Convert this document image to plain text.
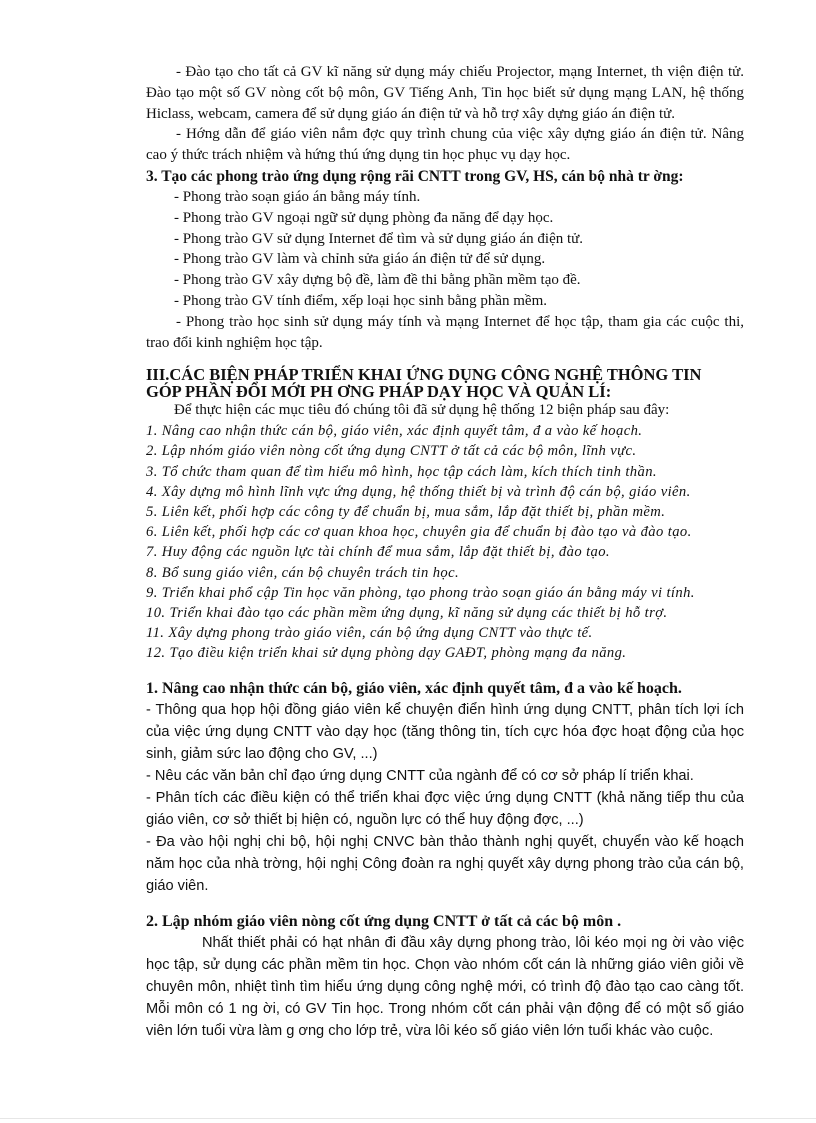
- Đào tạo cho tất cả GV kĩ năng sử dụng máy chiếu Projector, mạng Internet, th viện điện tử. Đào tạo một số GV nòng cốt bộ môn, GV Tiếng Anh, Tin học biết sử dụng mạng LAN, hệ thống Hiclass, webcam, camera để sử dụng giáo án điện tử và hỗ trợ xây dựng giáo án điện tử.

- Hớng dẫn để giáo viên nắm đợc quy trình chung của việc xây dựng giáo án điện tử. Nâng cao ý thức trách nhiệm và hứng thú ứng dụng tin học phục vụ dạy học.

3. Tạo các phong trào ứng dụng rộng rãi CNTT trong GV, HS, cán bộ nhà tr ờng:

- Phong trào soạn giáo án bằng máy tính.

- Phong trào GV ngoại ngữ sử dụng phòng đa năng để dạy học.

- Phong trào GV sử dụng Internet để tìm và sử dụng giáo án điện tử.

- Phong trào GV làm và chỉnh sửa giáo án điện tử để sử dụng.

- Phong trào GV xây dựng bộ đề, làm đề thi bằng phần mềm tạo đề.

- Phong trào GV tính điểm, xếp loại học sinh bằng phần mềm.

- Phong trào học sinh sử dụng máy tính và mạng Internet để học tập, tham gia các cuộc thi, trao đổi kinh nghiệm học tập.

III.CÁC BIỆN PHÁP TRIỂN KHAI ỨNG DỤNG CÔNG NGHỆ THÔNG TIN
GÓP PHẦN ĐỔI MỚI PH ƠNG PHÁP DẠY HỌC VÀ QUẢN LÍ:

Để thực hiện các mục tiêu đó chúng tôi đã sử dụng hệ thống 12 biện pháp sau đây:

1. Nâng cao nhận thức cán bộ, giáo viên, xác định quyết tâm, đ a vào kế hoạch.

2. Lập nhóm giáo viên nòng cốt ứng dụng CNTT ở tất cả các bộ môn, lĩnh vực.

3. Tổ chức tham quan để tìm hiểu mô hình, học tập cách làm, kích thích tinh thần.

4. Xây dựng mô hình lĩnh vực ứng dụng, hệ thống thiết bị và trình độ cán bộ, giáo viên.

5. Liên kết, phối hợp các công ty để chuẩn bị, mua sắm, lắp đặt thiết bị, phần mềm.

6. Liên kết, phối hợp các cơ quan khoa học, chuyên gia để chuẩn bị đào tạo và đào tạo.

7. Huy động các nguồn lực tài chính để mua sắm, lắp đặt thiết bị, đào tạo.

8. Bổ sung giáo viên, cán bộ chuyên trách tin học.

9. Triển khai phổ cập Tin học văn phòng, tạo phong trào soạn giáo án bằng máy vi tính.

10. Triển khai đào tạo các phần mềm ứng dụng, kĩ năng sử dụng các thiết bị hỗ trợ.

11. Xây dựng phong trào giáo viên, cán bộ ứng dụng CNTT vào thực tế.

12. Tạo điều kiện triển khai sử dụng phòng dạy GAĐT, phòng mạng đa năng.

1. Nâng cao nhận thức cán bộ, giáo viên, xác định quyết tâm, đ a vào kế hoạch.

- Thông qua họp hội đồng giáo viên kể chuyện điển hình ứng dụng CNTT, phân tích lợi ích của việc ứng dụng CNTT vào dạy học (tăng thông tin, tích cực hóa đợc hoạt động của học sinh, giảm sức lao động cho GV, ...)

- Nêu các văn bản chỉ đạo ứng dụng CNTT của ngành để có cơ sở pháp lí triển khai.

- Phân tích các điều kiện có thể triển khai đợc việc ứng dụng CNTT (khả năng tiếp thu của giáo viên, cơ sở thiết bị hiện có, nguồn lực có thể huy động đợc, ...)

- Đa vào hội nghị chi bộ, hội nghị CNVC bàn thảo thành nghị quyết, chuyển vào kế hoạch năm học của nhà trờng, hội nghị Công đoàn ra nghị quyết xây dựng phong trào của cán bộ, giáo viên.

2. Lập nhóm giáo viên nòng cốt ứng dụng CNTT ở tất cả các bộ môn .

Nhất thiết phải có hạt nhân đi đầu xây dựng phong trào, lôi kéo mọi ng ời vào việc học tập, sử dụng các phần mềm tin học. Chọn vào nhóm cốt cán là những giáo viên giỏi về chuyên môn, nhiệt tình tìm hiểu ứng dụng công nghệ mới, có trình độ đào tạo cao càng tốt. Mỗi môn có 1 ng ời, có GV Tin học. Trong nhóm cốt cán phải vận động để có một số giáo viên lớn tuổi vừa làm g ơng cho lớp trẻ, vừa lôi kéo số giáo viên lớn tuổi khác vào cuộc.
